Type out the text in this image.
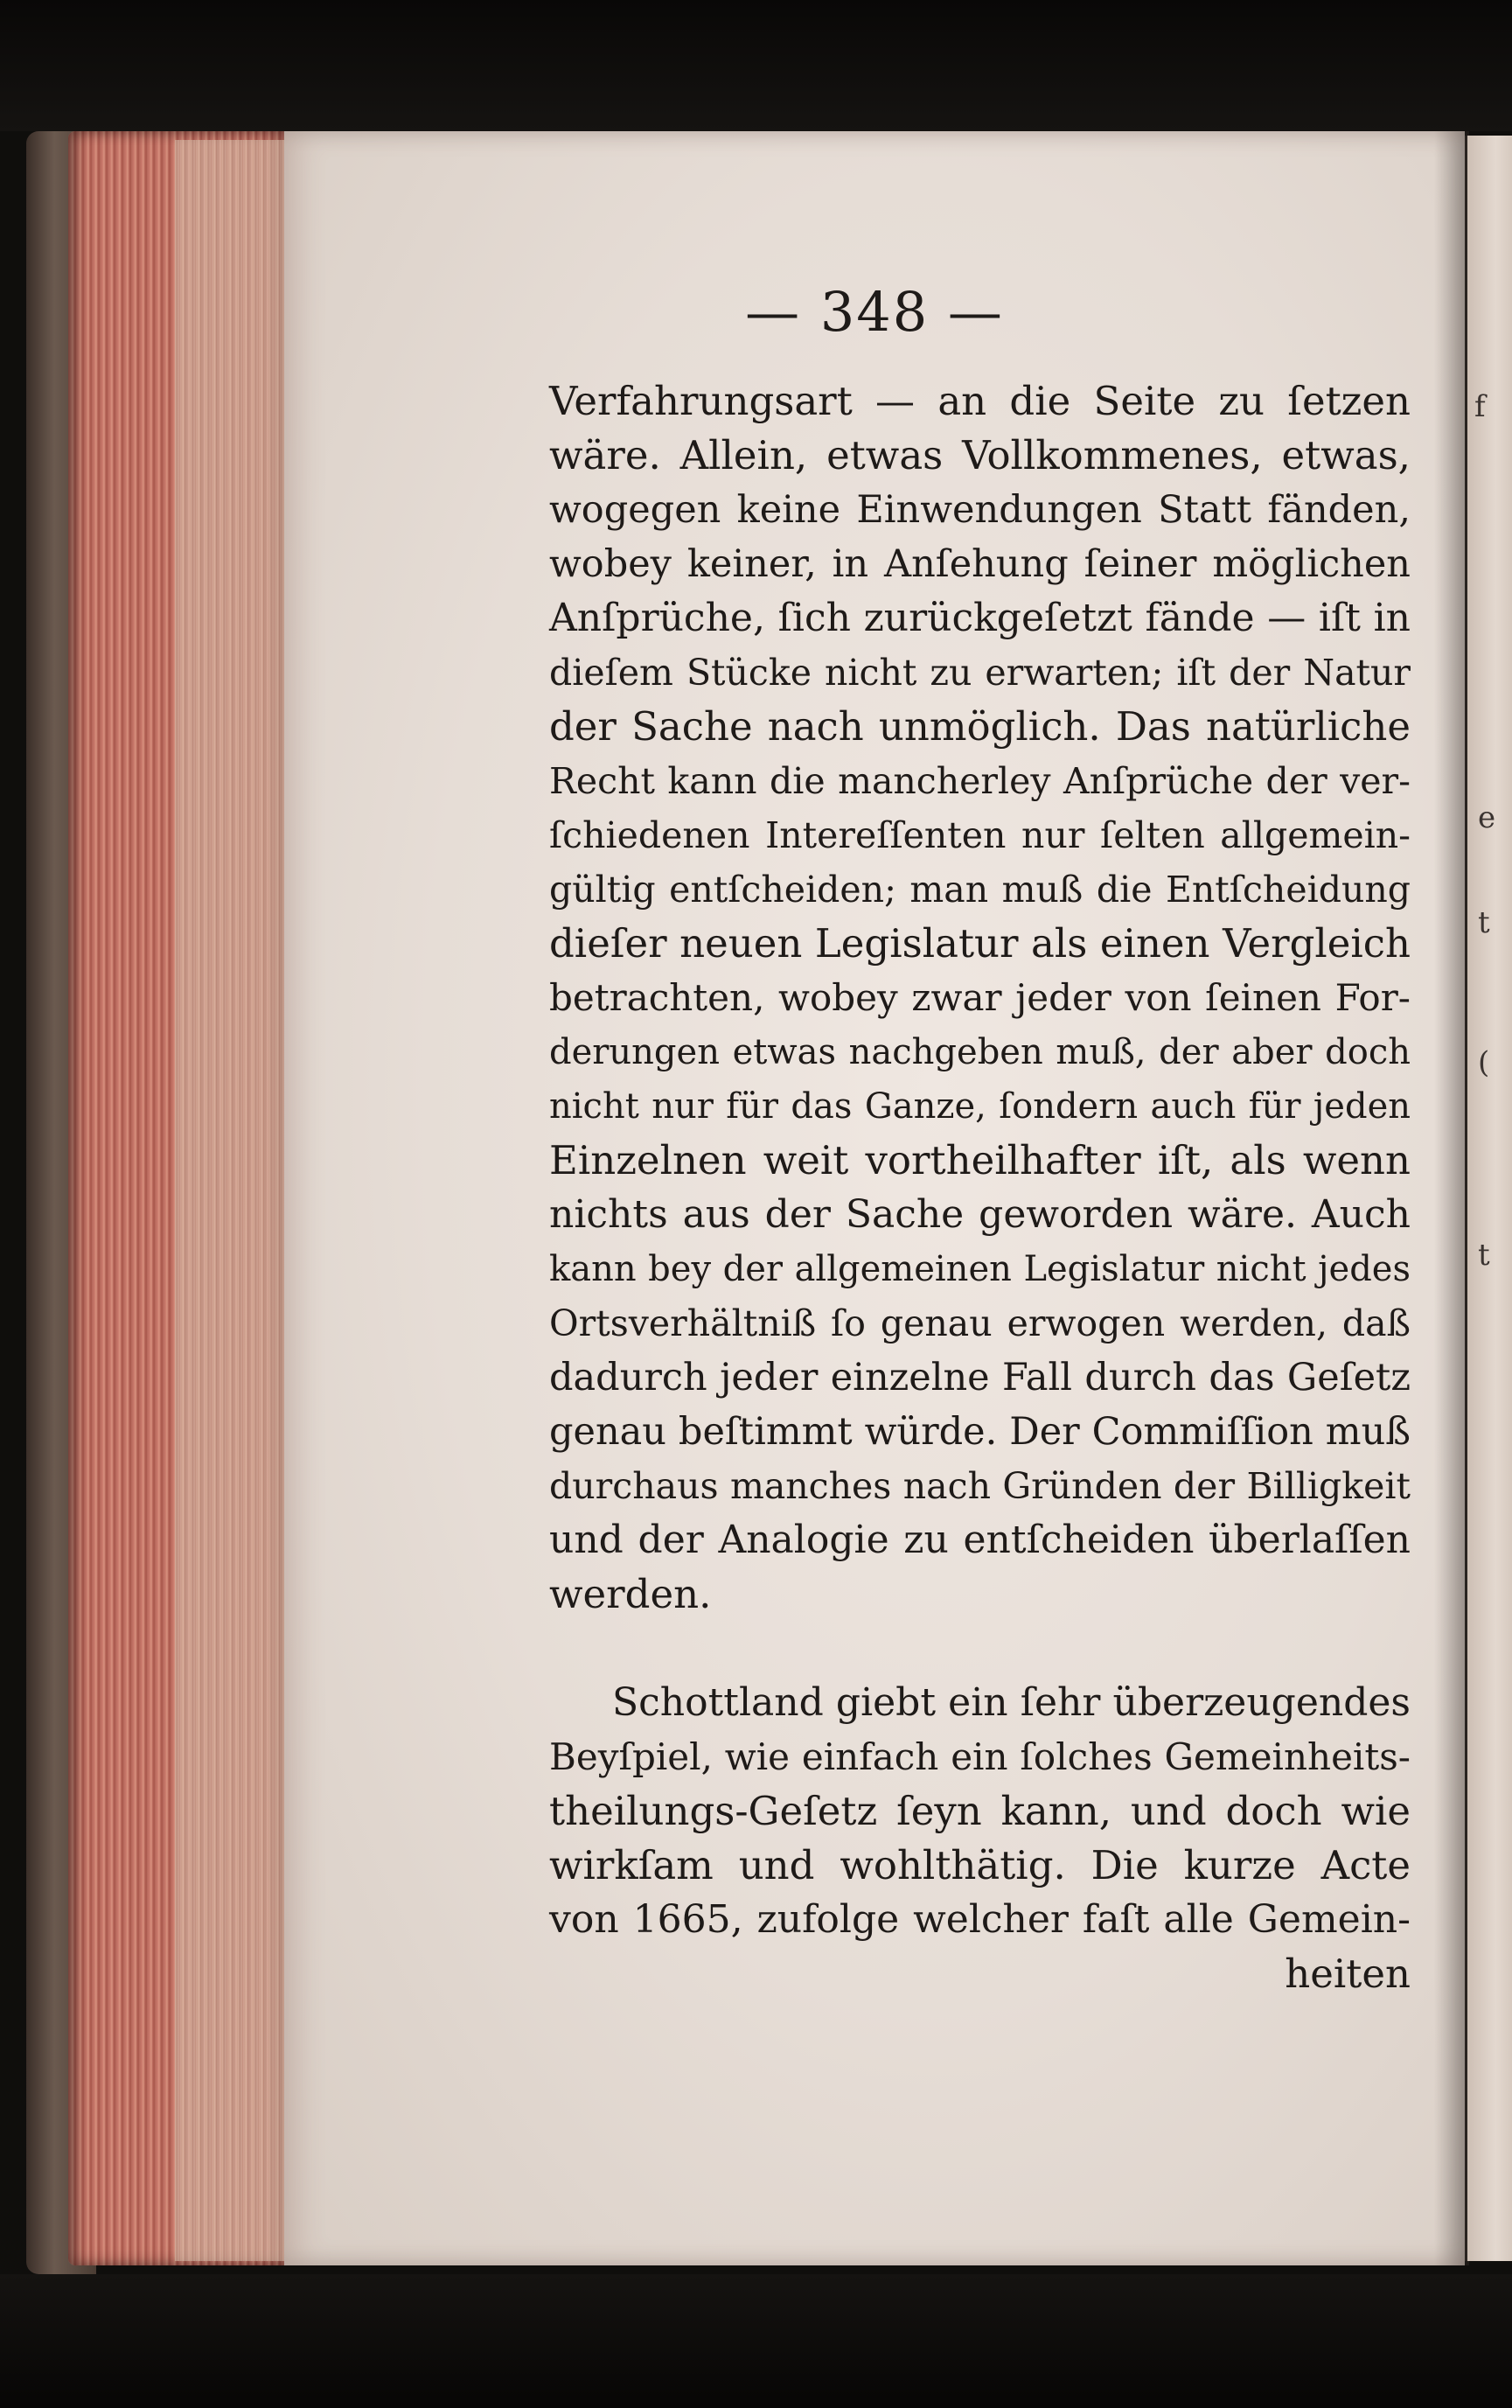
f
e
t
t
(
— 348 —
Verfahrungsart — an die Seite zu ſetzen
wäre. Allein, etwas Vollkommenes, etwas,
wogegen keine Einwendungen Statt fänden,
wobey keiner, in Anſehung ſeiner möglichen
Anſprüche, ſich zurückgeſetzt fände — iſt in
dieſem Stücke nicht zu erwarten; iſt der Natur
der Sache nach unmöglich. Das natürliche
Recht kann die mancherley Anſprüche der ver-
ſchiedenen Intereſſenten nur ſelten allgemein-
gültig entſcheiden; man muß die Entſcheidung
dieſer neuen Legislatur als einen Vergleich
betrachten, wobey zwar jeder von ſeinen For-
derungen etwas nachgeben muß, der aber doch
nicht nur für das Ganze, ſondern auch für jeden
Einzelnen weit vortheilhafter iſt, als wenn
nichts aus der Sache geworden wäre. Auch
kann bey der allgemeinen Legislatur nicht jedes
Ortsverhältniß ſo genau erwogen werden, daß
dadurch jeder einzelne Fall durch das Geſetz
genau beſtimmt würde. Der Commiſſion muß
durchaus manches nach Gründen der Billigkeit
und der Analogie zu entſcheiden überlaſſen
werden.
Schottland giebt ein ſehr überzeugendes
Beyſpiel, wie einfach ein ſolches Gemeinheits-
theilungs-Geſetz ſeyn kann, und doch wie
wirkſam und wohlthätig. Die kurze Acte
von 1665, zufolge welcher faſt alle Gemein-
heiten
